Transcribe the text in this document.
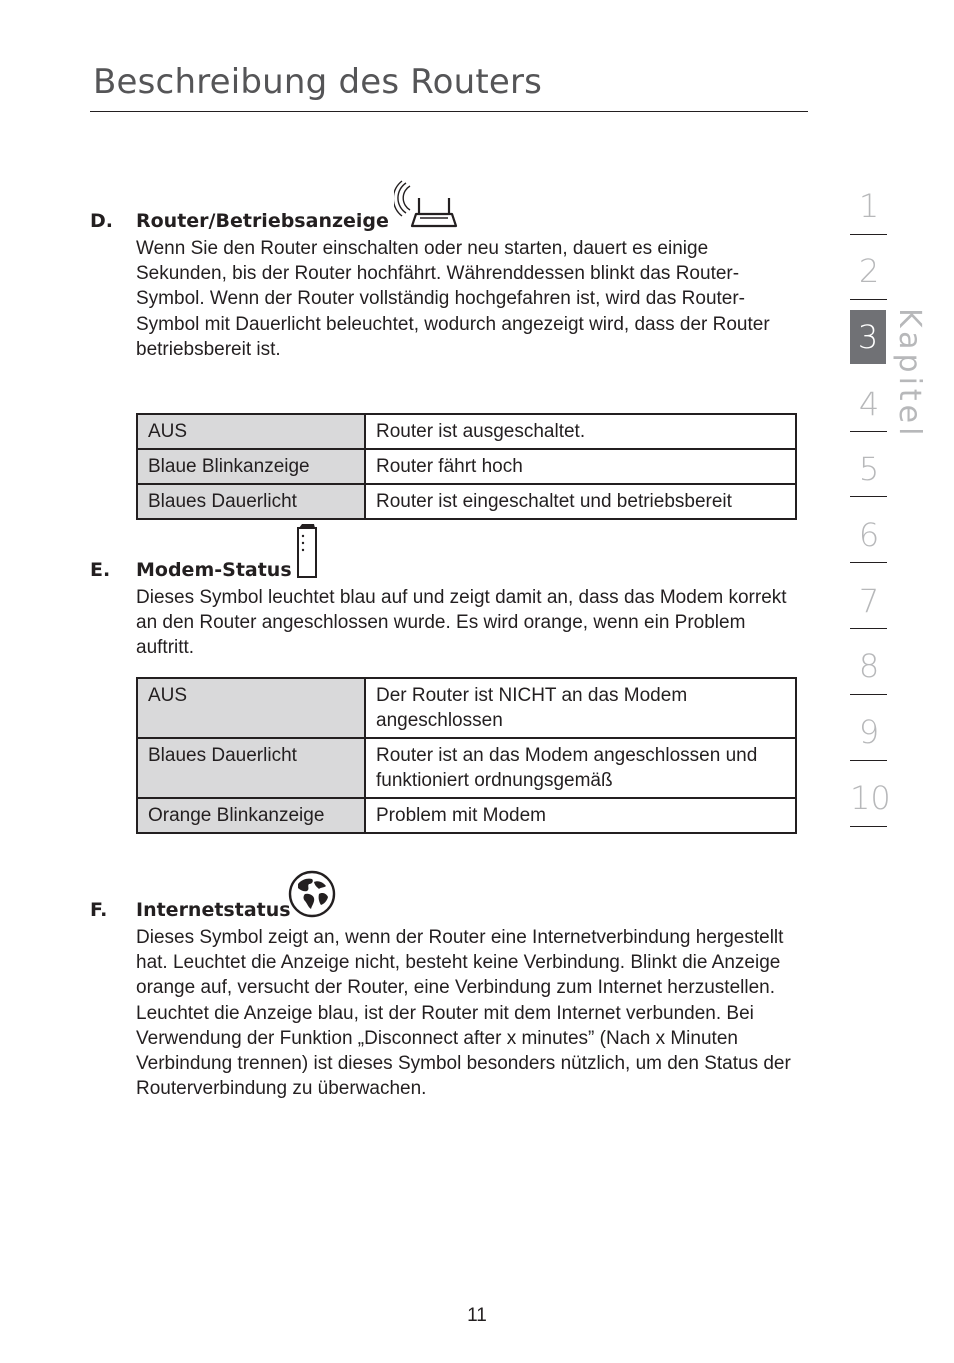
Beschreibung des Routers
D. Router/Betriebsanzeige

Wenn Sie den Router einschalten oder neu starten, dauert es einige Sekunden, bis der Router hochfährt. Währenddessen blinkt das Router-Symbol. Wenn der Router vollständig hochgefahren ist, wird das Router-Symbol mit Dauerlicht beleuchtet, wodurch angezeigt wird, dass der Router betriebsbereit ist.

AUS	Router ist ausgeschaltet.
Blaue Blinkanzeige	Router fährt hoch
Blaues Dauerlicht	Router ist eingeschaltet und betriebsbereit
E. Modem-Status

Dieses Symbol leuchtet blau auf und zeigt damit an, dass das Modem korrekt an den Router angeschlossen wurde. Es wird orange, wenn ein Problem auftritt.

AUS	Der Router ist NICHT an das Modem angeschlossen
Blaues Dauerlicht	Router ist an das Modem angeschlossen und funktioniert ordnungsgemäß
Orange Blinkanzeige	Problem mit Modem
F. Internetstatus

Dieses Symbol zeigt an, wenn der Router eine Internetverbindung hergestellt hat. Leuchtet die Anzeige nicht, besteht keine Verbindung. Blinkt die Anzeige orange auf, versucht der Router, eine Verbindung zum Internet herzustellen. Leuchtet die Anzeige blau, ist der Router mit dem Internet verbunden. Bei Verwendung der Funktion „Disconnect after x minutes” (Nach x Minuten Verbindung trennen) ist dieses Symbol besonders nützlich, um den Status der Routerverbindung zu überwachen.

11
1
2
3
4
5
6
7
8
9
10
Kapitel
